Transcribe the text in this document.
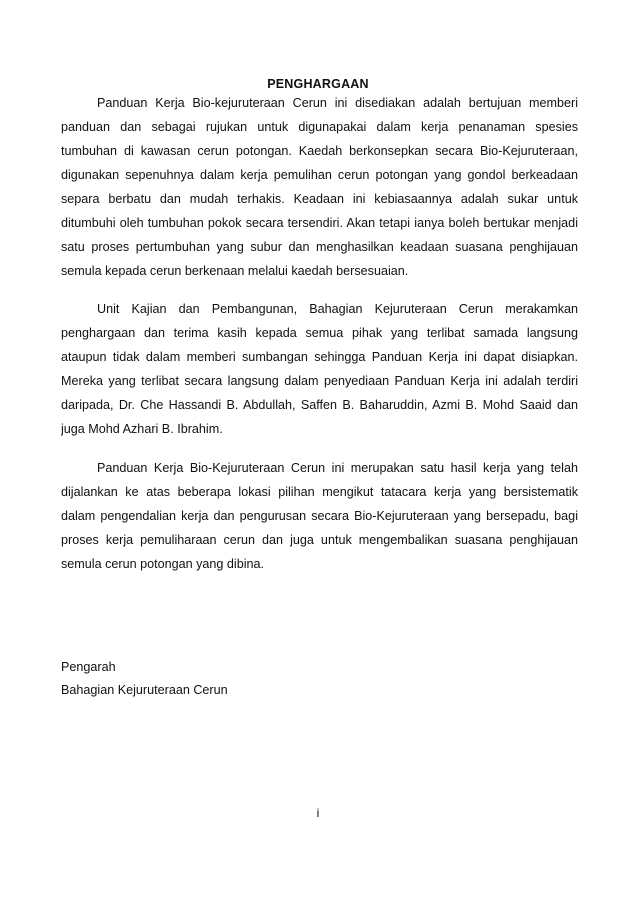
PENGHARGAAN
Panduan Kerja Bio-kejuruteraan Cerun ini disediakan adalah bertujuan memberi
panduan dan sebagai rujukan untuk digunapakai dalam kerja penanaman spesies
tumbuhan di kawasan cerun potongan. Kaedah berkonsepkan secara Bio-Kejuruteraan,
digunakan sepenuhnya dalam kerja pemulihan cerun potongan yang gondol berkeadaan
separa berbatu dan mudah terhakis. Keadaan ini kebiasaannya adalah sukar untuk
ditumbuhi oleh tumbuhan pokok secara tersendiri. Akan tetapi ianya boleh bertukar menjadi
satu proses pertumbuhan yang subur dan menghasilkan keadaan suasana penghijauan
semula kepada cerun berkenaan melalui kaedah bersesuaian.
Unit Kajian dan Pembangunan, Bahagian Kejuruteraan Cerun merakamkan
penghargaan dan terima kasih kepada semua pihak yang terlibat samada langsung
ataupun tidak dalam memberi sumbangan sehingga Panduan Kerja ini dapat disiapkan.
Mereka yang terlibat secara langsung dalam penyediaan Panduan Kerja ini adalah terdiri
daripada, Dr. Che Hassandi B. Abdullah, Saffen B. Baharuddin, Azmi B. Mohd Saaid dan
juga Mohd Azhari B. Ibrahim.
Panduan Kerja Bio-Kejuruteraan Cerun ini merupakan satu hasil kerja yang telah
dijalankan ke atas beberapa lokasi pilihan mengikut tatacara kerja yang bersistematik
dalam pengendalian kerja dan pengurusan secara Bio-Kejuruteraan yang bersepadu, bagi
proses kerja pemuliharaan cerun dan juga untuk mengembalikan suasana penghijauan
semula cerun potongan yang dibina.
Pengarah
Bahagian Kejuruteraan Cerun
i
